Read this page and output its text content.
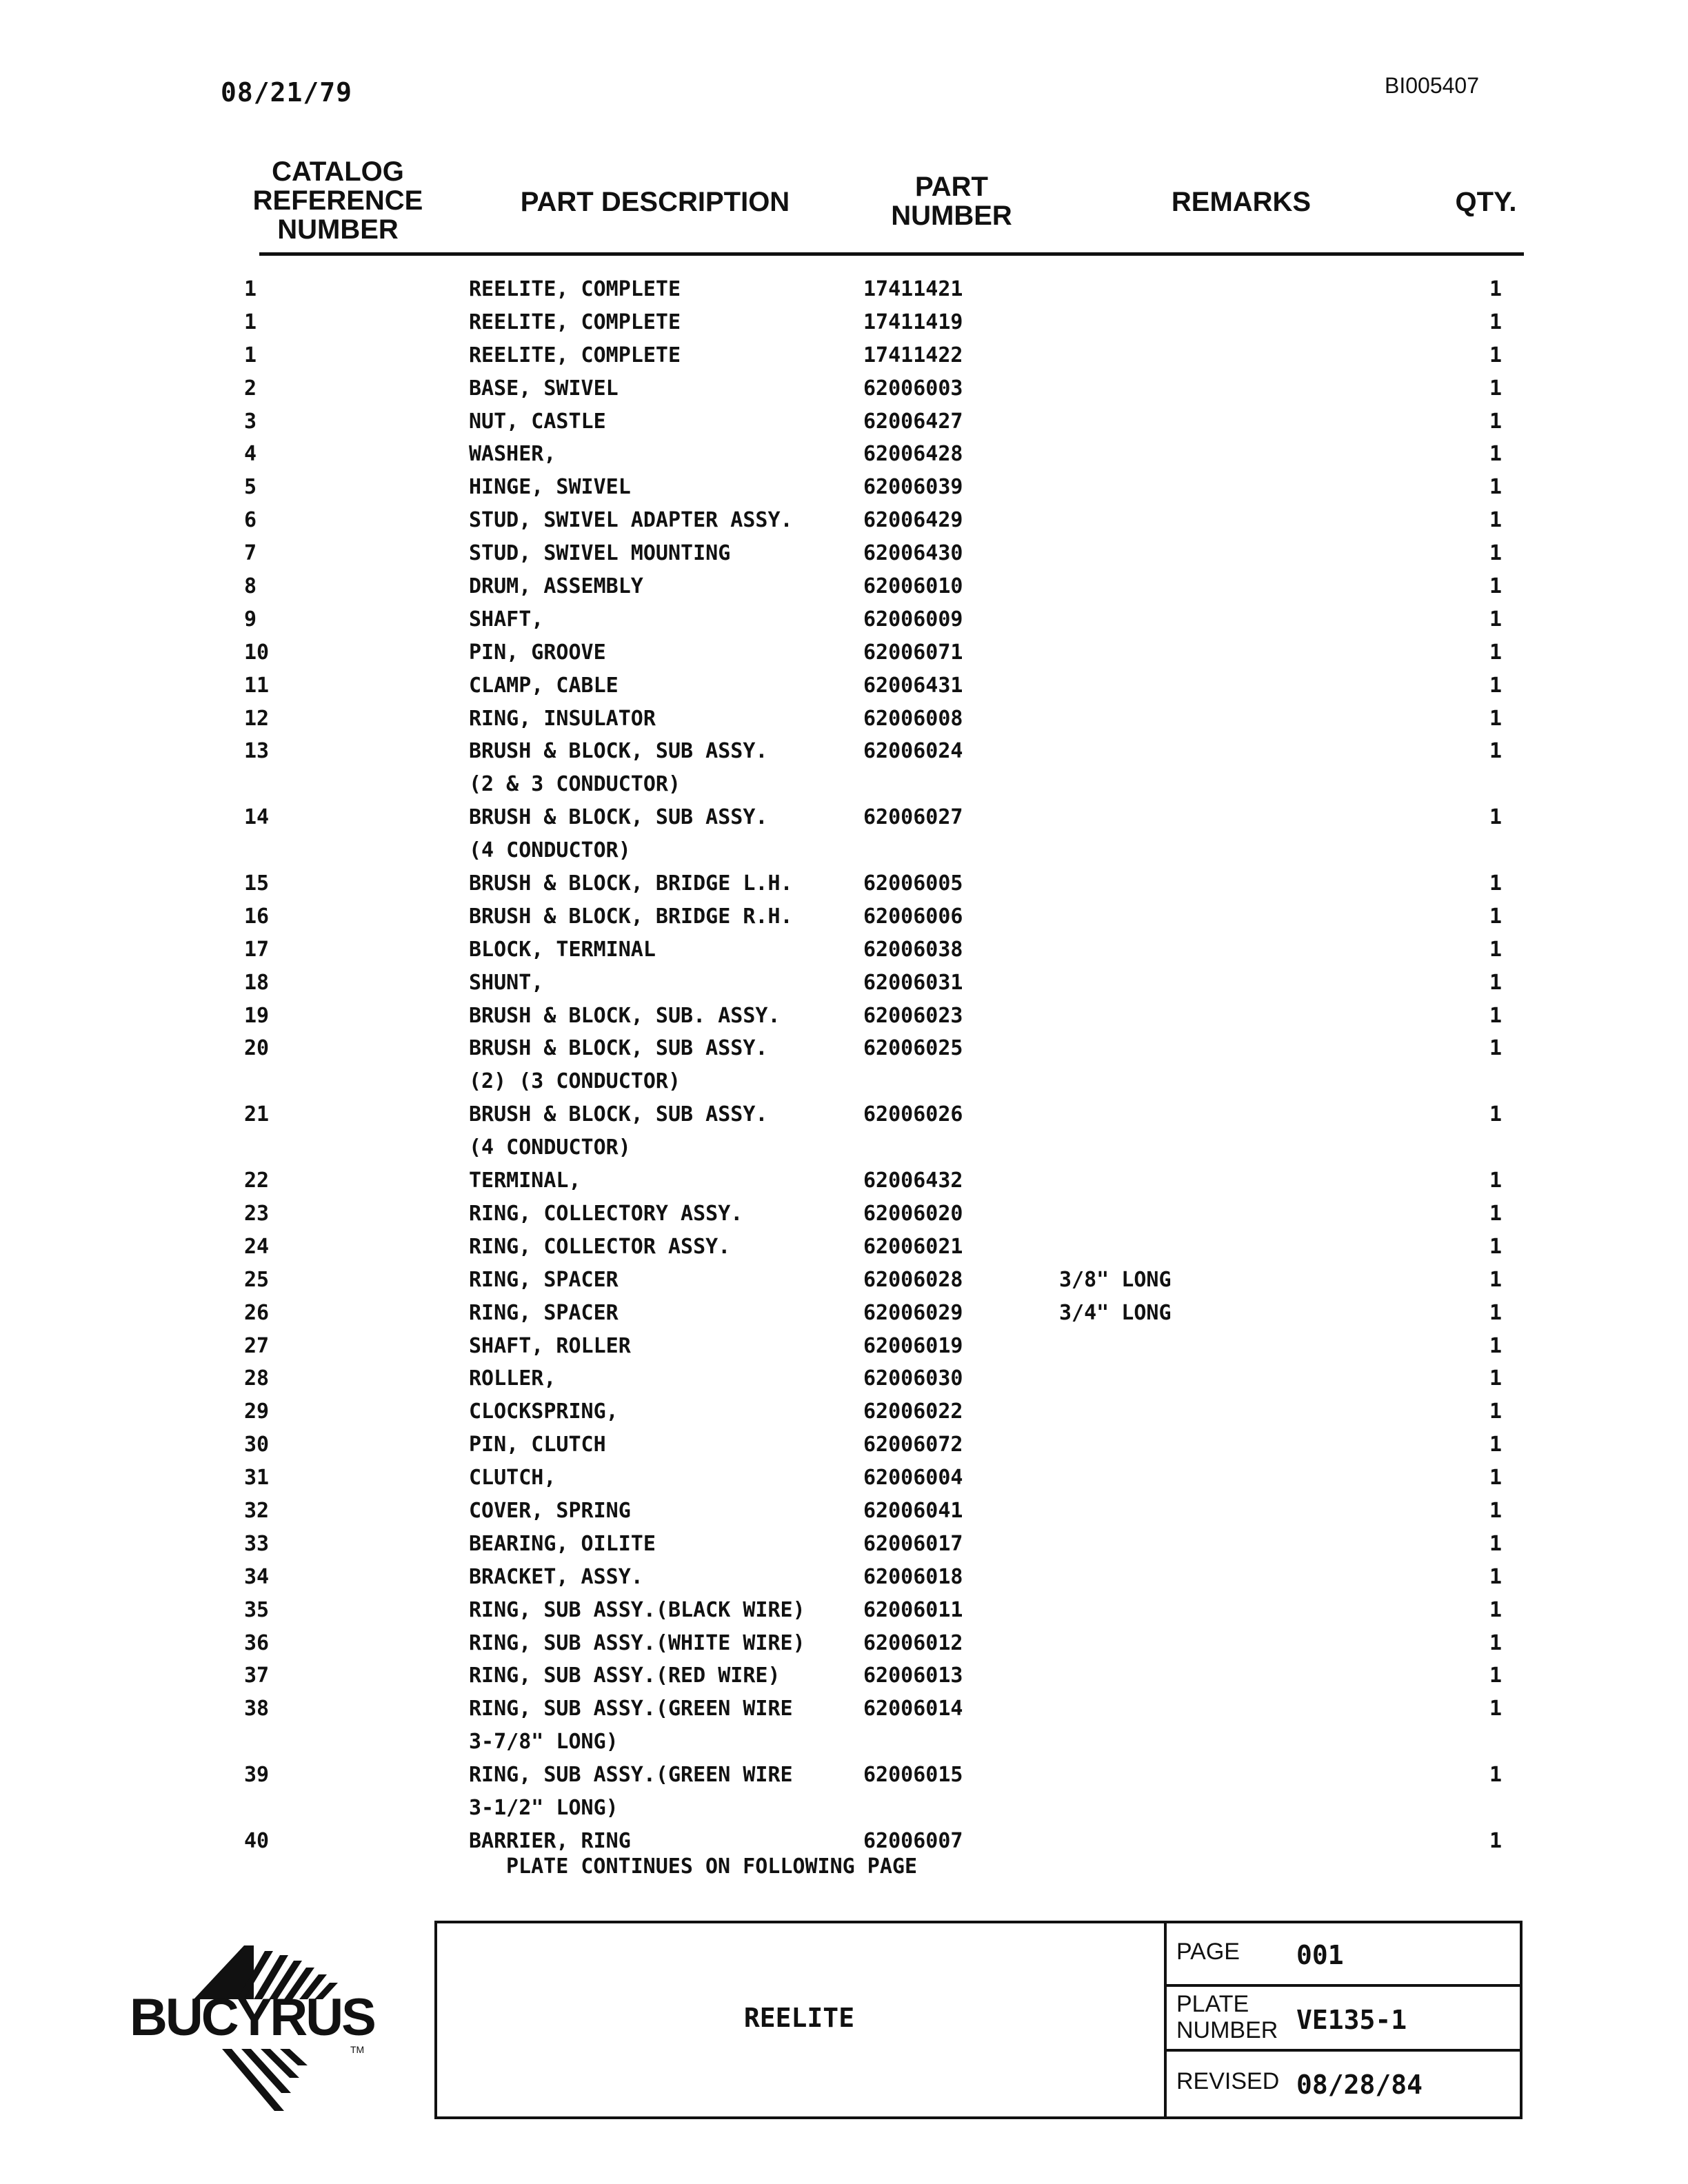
08/21/79	BI005407
CATALOG
REFERENCE
NUMBER
PART DESCRIPTION	PART
NUMBER	REMARKS	QTY.
1	REELITE, COMPLETE	17411421	1
1	REELITE, COMPLETE	17411419	1
1	REELITE, COMPLETE	17411422	1
2	BASE, SWIVEL	62006003	1
3	NUT, CASTLE	62006427	1
4	WASHER,	62006428	1
5	HINGE, SWIVEL	62006039	1
6	STUD, SWIVEL ADAPTER ASSY.	62006429	1
7	STUD, SWIVEL MOUNTING	62006430	1
8	DRUM, ASSEMBLY	62006010	1
9	SHAFT,	62006009	1
10	PIN, GROOVE	62006071	1
11	CLAMP, CABLE	62006431	1
12	RING, INSULATOR	62006008	1
13	BRUSH & BLOCK, SUB ASSY.	62006024	1
(2 & 3 CONDUCTOR)
14	BRUSH & BLOCK, SUB ASSY.	62006027	1
(4 CONDUCTOR)
15	BRUSH & BLOCK, BRIDGE L.H.	62006005	1
16	BRUSH & BLOCK, BRIDGE R.H.	62006006	1
17	BLOCK, TERMINAL	62006038	1
18	SHUNT,	62006031	1
19	BRUSH & BLOCK, SUB. ASSY.	62006023	1
20	BRUSH & BLOCK, SUB ASSY.	62006025	1
(2) (3 CONDUCTOR)
21	BRUSH & BLOCK, SUB ASSY.	62006026	1
(4 CONDUCTOR)
22	TERMINAL,	62006432	1
23	RING, COLLECTORY ASSY.	62006020	1
24	RING, COLLECTOR ASSY.	62006021	1
25	RING, SPACER	62006028	3/8" LONG	1
26	RING, SPACER	62006029	3/4" LONG	1
27	SHAFT, ROLLER	62006019	1
28	ROLLER,	62006030	1
29	CLOCKSPRING,	62006022	1
30	PIN, CLUTCH	62006072	1
31	CLUTCH,	62006004	1
32	COVER, SPRING	62006041	1
33	BEARING, OILITE	62006017	1
34	BRACKET, ASSY.	62006018	1
35	RING, SUB ASSY.(BLACK WIRE)	62006011	1
36	RING, SUB ASSY.(WHITE WIRE)	62006012	1
37	RING, SUB ASSY.(RED WIRE)	62006013	1
38	RING, SUB ASSY.(GREEN WIRE	62006014	1
3-7/8" LONG)
39	RING, SUB ASSY.(GREEN WIRE	62006015	1
3-1/2" LONG)
40	BARRIER, RING	62006007	1
PLATE CONTINUES ON FOLLOWING PAGE
BUCYRUS
TM
REELITE
PAGE 001
PLATE
NUMBER VE135-1
REVISED 08/28/84
